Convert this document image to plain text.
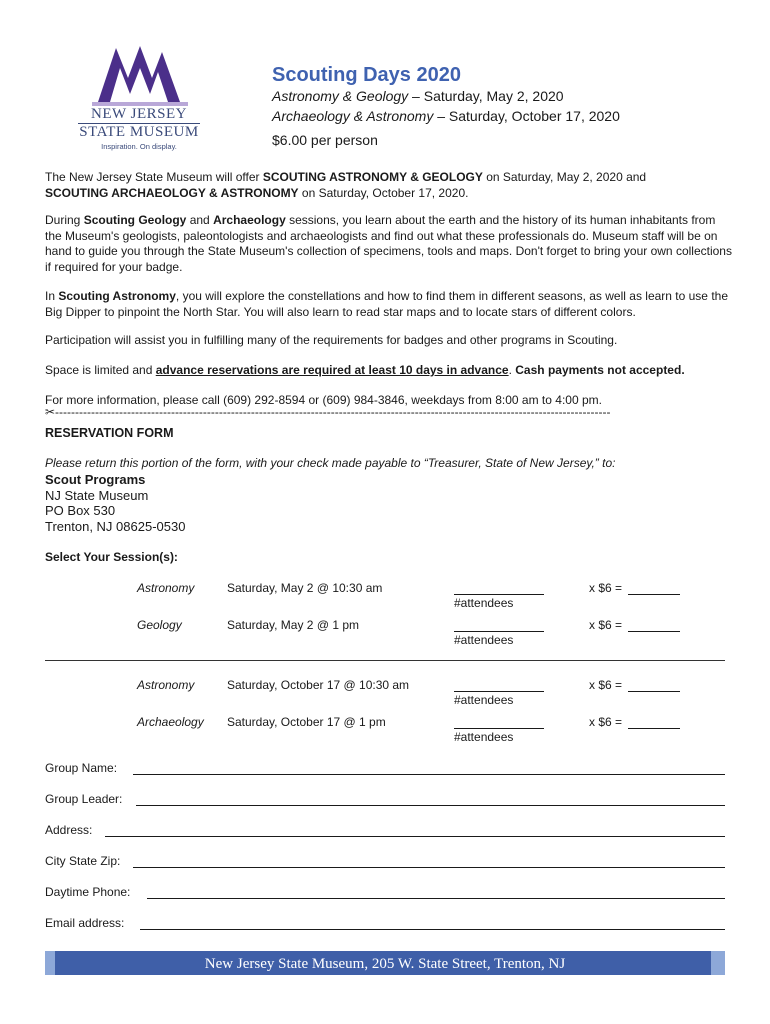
NEW JERSEY
STATE MUSEUM
Inspiration. On display.
Scouting Days 2020
Astronomy & Geology – Saturday, May 2, 2020
Archaeology & Astronomy – Saturday, October 17, 2020
$6.00 per person
The New Jersey State Museum will offer SCOUTING ASTRONOMY & GEOLOGY on Saturday, May 2, 2020 and
SCOUTING ARCHAEOLOGY & ASTRONOMY on Saturday, October 17, 2020.
During Scouting Geology and Archaeology sessions, you learn about the earth and the history of its human inhabitants from the Museum's geologists, paleontologists and archaeologists and find out what these professionals do. Museum staff will be on hand to guide you through the State Museum's collection of specimens, tools and maps. Don't forget to bring your own collections if required for your badge.
In Scouting Astronomy, you will explore the constellations and how to find them in different seasons, as well as learn to use the Big Dipper to pinpoint the North Star. You will also learn to read star maps and to locate stars of different colors.
Participation will assist you in fulfilling many of the requirements for badges and other programs in Scouting.
Space is limited and advance reservations are required at least 10 days in advance. Cash payments not accepted.
For more information, please call (609) 292-8594 or (609) 984-3846, weekdays from 8:00 am to 4:00 pm.
✂-------------------------------------------------------------------------------------------------------------------------------------------
RESERVATION FORM
Please return this portion of the form, with your check made payable to “Treasurer, State of New Jersey,” to:
Scout Programs
NJ State Museum
PO Box 530
Trenton, NJ 08625-0530
Select Your Session(s):
Astronomy	Saturday, May 2 @ 10:30 am
#attendees
x $6 =
Geology	Saturday, May 2 @ 1 pm
#attendees
x $6 =
Astronomy	Saturday, October 17 @ 10:30 am
#attendees
x $6 =
Archaeology Saturday, October 17 @ 1 pm
#attendees
x $6 =
Group Name:
Group Leader:
Address:
City State Zip:
Daytime Phone:
Email address:
New Jersey State Museum, 205 W. State Street, Trenton, NJ
